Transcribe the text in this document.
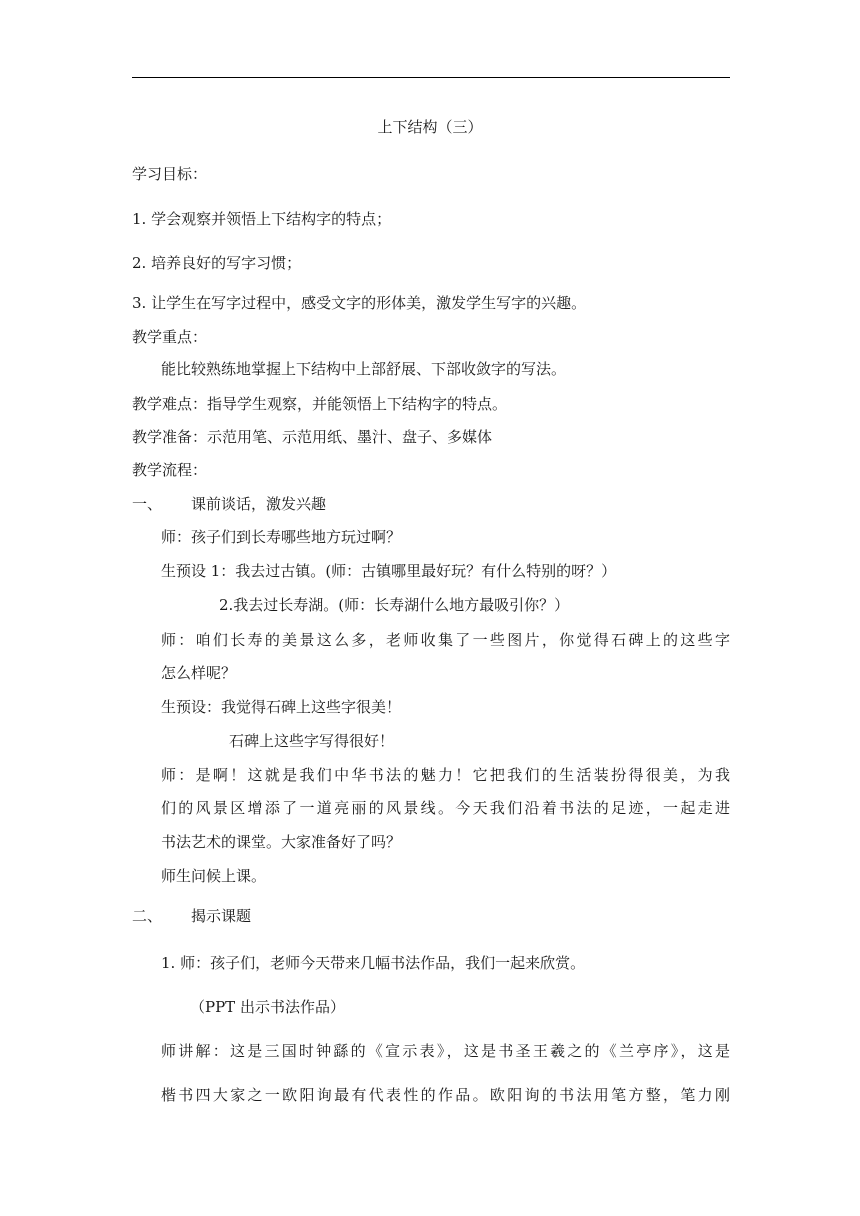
上下结构（三）
学习目标：
1. 学会观察并领悟上下结构字的特点；
2. 培养良好的写字习惯；
3. 让学生在写字过程中，感受文字的形体美，激发学生写字的兴趣。
教学重点：
能比较熟练地掌握上下结构中上部舒展、下部收敛字的写法。
教学难点：指导学生观察，并能领悟上下结构字的特点。
教学准备：示范用笔、示范用纸、墨汁、盘子、多媒体
教学流程：
一、 课前谈话，激发兴趣
师：孩子们到长寿哪些地方玩过啊？
生预设 1：我去过古镇。(师：古镇哪里最好玩？有什么特别的呀？）
2.我去过长寿湖。(师：长寿湖什么地方最吸引你？）
师：咱们长寿的美景这么多，老师收集了一些图片，你觉得石碑上的这些字
怎么样呢？
生预设：我觉得石碑上这些字很美！
石碑上这些字写得很好！
师：是啊！这就是我们中华书法的魅力！它把我们的生活装扮得很美，为我
们的风景区增添了一道亮丽的风景线。今天我们沿着书法的足迹，一起走进
书法艺术的课堂。大家准备好了吗？
师生问候上课。
二、 揭示课题
1. 师：孩子们，老师今天带来几幅书法作品，我们一起来欣赏。
（PPT 出示书法作品）
师讲解：这是三国时钟繇的《宣示表》，这是书圣王羲之的《兰亭序》，这是
楷书四大家之一欧阳询最有代表性的作品。欧阳询的书法用笔方整，笔力刚
